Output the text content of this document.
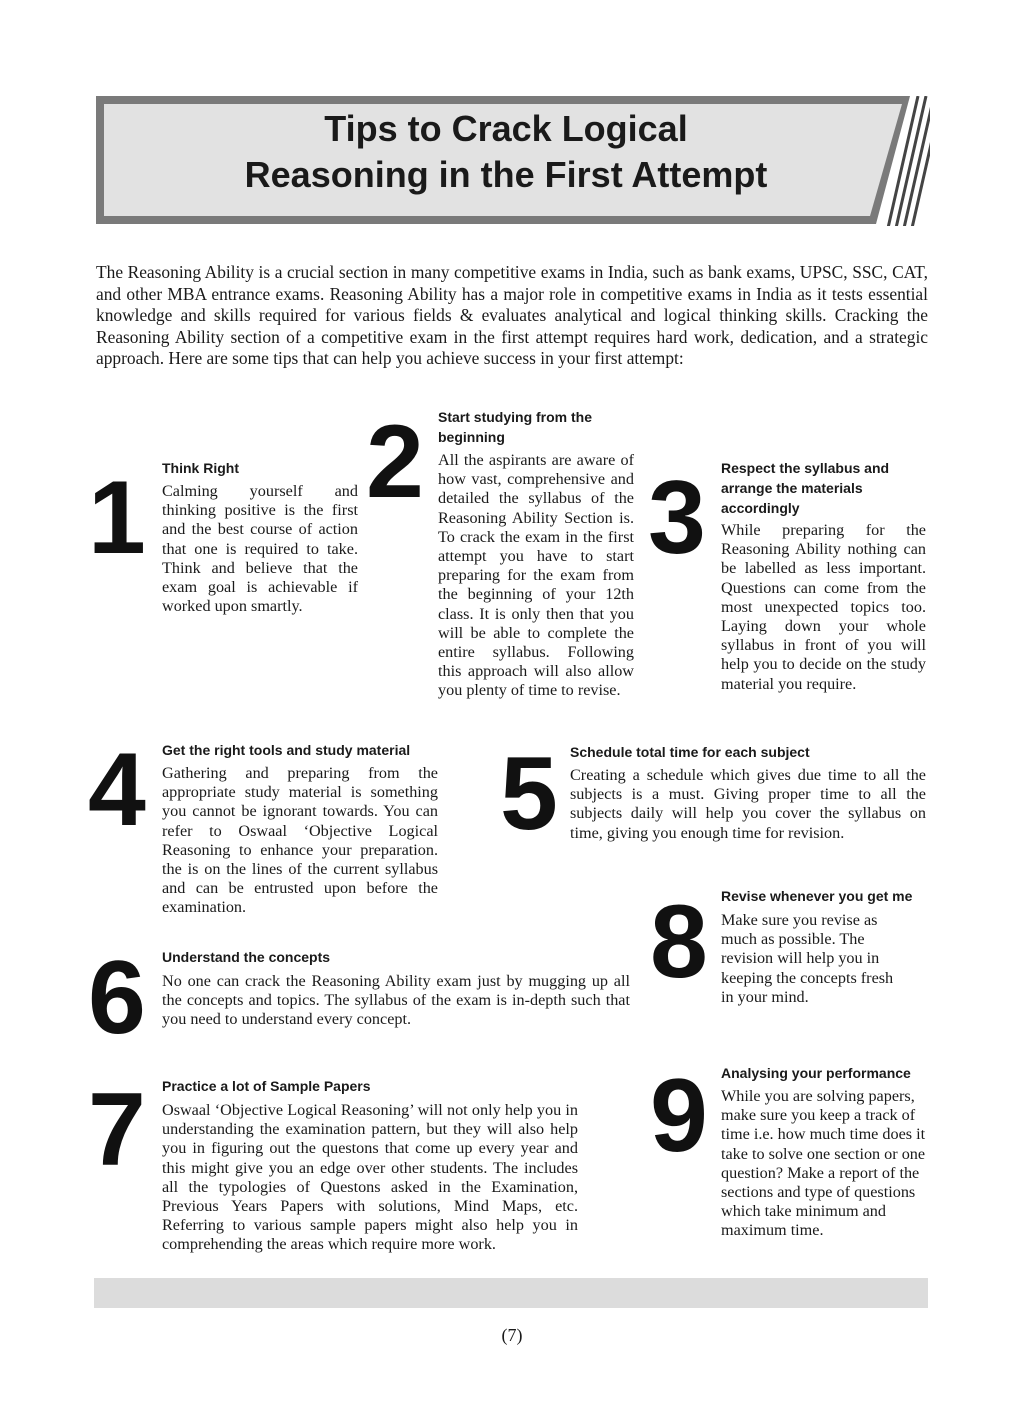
Tips to Crack Logical
Reasoning in the First Attempt
The Reasoning Ability is a crucial section in many competitive exams in India, such as bank exams, UPSC, SSC, CAT, and other MBA entrance exams. Reasoning Ability has a major role in competitive exams in India as it tests essential knowledge and skills required for various fields & evaluates analytical and logical thinking skills. Cracking the Reasoning Ability section of a competitive exam in the first attempt requires hard work, dedication, and a strategic approach. Here are some tips that can help you achieve success in your first attempt:
1 Think Right
Calming yourself and thinking positive is the first and the best course of action that one is required to take. Think and believe that the exam goal is achievable if worked upon smartly.
2 Start studying from the beginning
All the aspirants are aware of how vast, comprehensive and detailed the syllabus of the Reasoning Ability Section is. To crack the exam in the first attempt you have to start preparing for the exam from the beginning of your 12th class. It is only then that you will be able to complete the entire syllabus. Following this approach will also allow you plenty of time to revise.
3 Respect the syllabus and arrange the materials accordingly
While preparing for the Reasoning Ability nothing can be labelled as less important. Questions can come from the most unexpected topics too. Laying down your whole syllabus in front of you will help you to decide on the study material you require.
4 Get the right tools and study material
Gathering and preparing from the appropriate study material is something you cannot be ignorant towards. You can refer to Oswaal ‘Objective Logical Reasoning to enhance your preparation. the is on the lines of the current syllabus and can be entrusted upon before the examination.
5 Schedule total time for each subject
Creating a schedule which gives due time to all the subjects is a must. Giving proper time to all the subjects daily will help you cover the syllabus on time, giving you enough time for revision.
6 Understand the concepts
No one can crack the Reasoning Ability exam just by mugging up all the concepts and topics. The syllabus of the exam is in-depth such that you need to understand every concept.
7 Practice a lot of Sample Papers
Oswaal ‘Objective Logical Reasoning’ will not only help you in understanding the examination pattern, but they will also help you in figuring out the questons that come up every year and this might give you an edge over other students. The includes all the typologies of Questons asked in the Examination, Previous Years Papers with solutions, Mind Maps, etc. Referring to various sample papers might also help you in comprehending the areas which require more work.
8 Revise whenever you get me
Make sure you revise as much as possible. The revision will help you in keeping the concepts fresh in your mind.
9 Analysing your performance
While you are solving papers, make sure you keep a track of time i.e. how much time does it take to solve one section or one question? Make a report of the sections and type of questions which take minimum and maximum time.
(7)
